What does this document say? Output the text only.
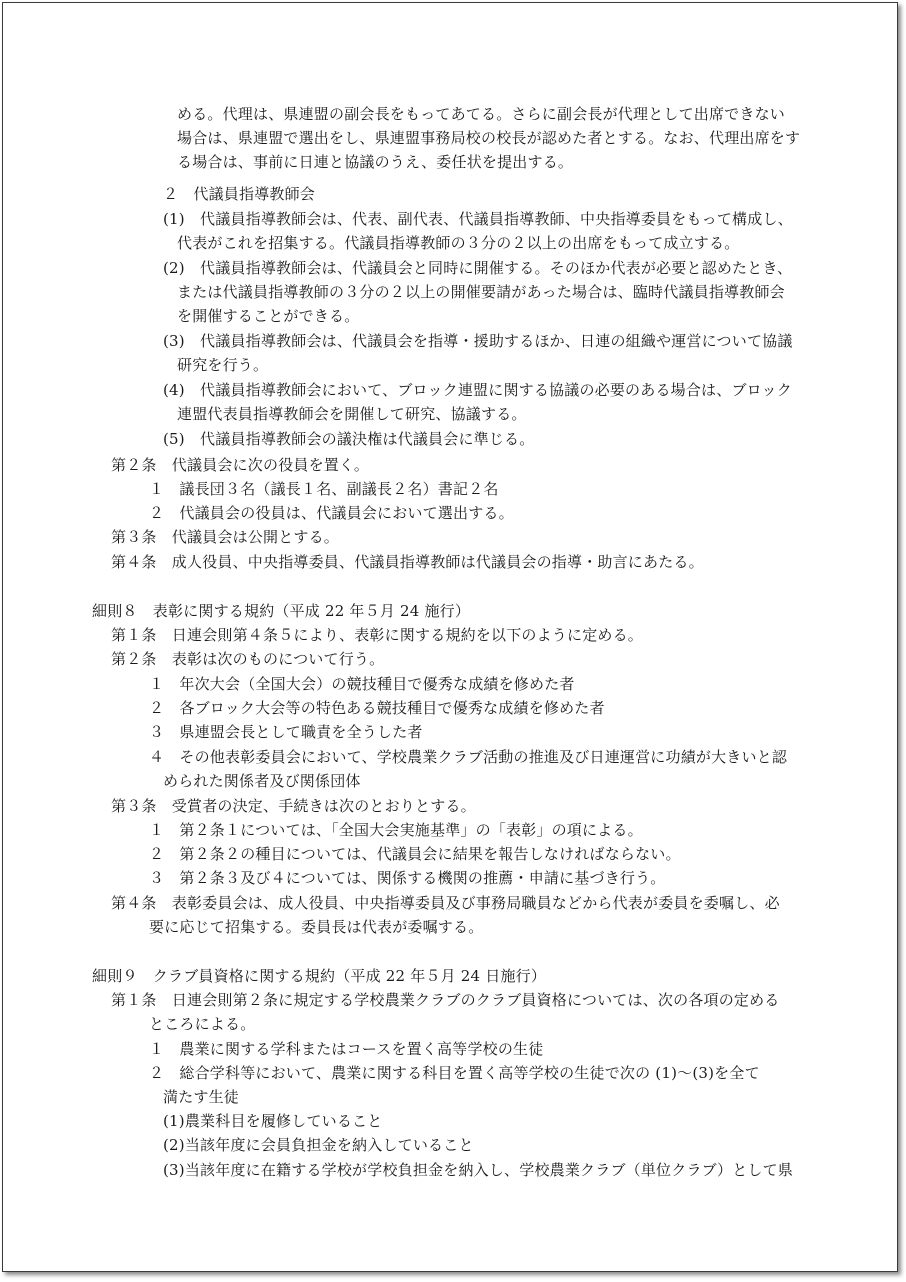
める。代理は、県連盟の副会長をもってあてる。さらに副会長が代理として出席できない
場合は、県連盟で選出をし、県連盟事務局校の校長が認めた者とする。なお、代理出席をす
る場合は、事前に日連と協議のうえ、委任状を提出する。
２　代議員指導教師会
(1)　代議員指導教師会は、代表、副代表、代議員指導教師、中央指導委員をもって構成し、
代表がこれを招集する。代議員指導教師の３分の２以上の出席をもって成立する。
(2)　代議員指導教師会は、代議員会と同時に開催する。そのほか代表が必要と認めたとき、
または代議員指導教師の３分の２以上の開催要請があった場合は、臨時代議員指導教師会
を開催することができる。
(3)　代議員指導教師会は、代議員会を指導・援助するほか、日連の組織や運営について協議
研究を行う。
(4)　代議員指導教師会において、ブロック連盟に関する協議の必要のある場合は、ブロック
連盟代表員指導教師会を開催して研究、協議する。
(5)　代議員指導教師会の議決権は代議員会に準じる。
第２条　代議員会に次の役員を置く。
１　議長団３名（議長１名、副議長２名）書記２名
２　代議員会の役員は、代議員会において選出する。
第３条　代議員会は公開とする。
第４条　成人役員、中央指導委員、代議員指導教師は代議員会の指導・助言にあたる。
細則８　表彰に関する規約（平成 22 年５月 24 施行）
第１条　日連会則第４条５により、表彰に関する規約を以下のように定める。
第２条　表彰は次のものについて行う。
１　年次大会（全国大会）の競技種目で優秀な成績を修めた者
２　各ブロック大会等の特色ある競技種目で優秀な成績を修めた者
３　県連盟会長として職責を全うした者
４　その他表彰委員会において、学校農業クラブ活動の推進及び日連運営に功績が大きいと認
められた関係者及び関係団体
第３条　受賞者の決定、手続きは次のとおりとする。
１　第２条１については、「全国大会実施基準」の「表彰」の項による。
２　第２条２の種目については、代議員会に結果を報告しなければならない。
３　第２条３及び４については、関係する機関の推薦・申請に基づき行う。
第４条　表彰委員会は、成人役員、中央指導委員及び事務局職員などから代表が委員を委嘱し、必
要に応じて招集する。委員長は代表が委嘱する。
細則９　クラブ員資格に関する規約（平成 22 年５月 24 日施行）
第１条　日連会則第２条に規定する学校農業クラブのクラブ員資格については、次の各項の定める
ところによる。
１　農業に関する学科またはコースを置く高等学校の生徒
２　総合学科等において、農業に関する科目を置く高等学校の生徒で次の (1)～(3)を全て
満たす生徒
(1)農業科目を履修していること
(2)当該年度に会員負担金を納入していること
(3)当該年度に在籍する学校が学校負担金を納入し、学校農業クラブ（単位クラブ）として県
